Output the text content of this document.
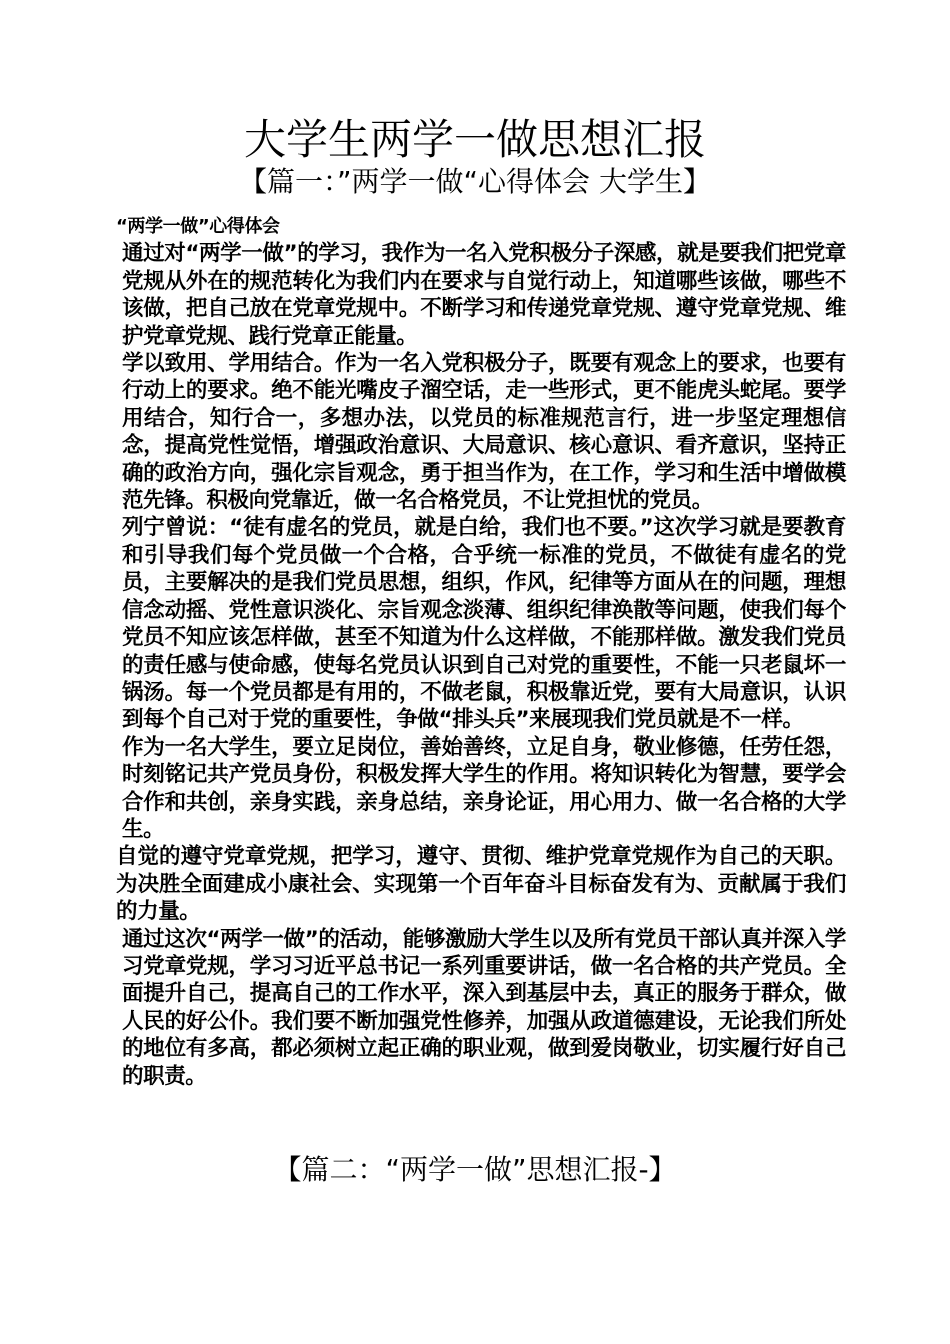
大学生两学一做思想汇报
【篇一：”两学一做“心得体会 大学生】

“两学一做”心得体会

通过对“两学一做”的学习，我作为一名入党积极分子深感，就是要我们把党章党规从外在的规范转化为我们内在要求与自觉行动上，知道哪些该做，哪些不该做，把自己放在党章党规中。不断学习和传递党章党规、遵守党章党规、维护党章党规、践行党章正能量。

学以致用、学用结合。作为一名入党积极分子，既要有观念上的要求，也要有行动上的要求。绝不能光嘴皮子溜空话，走一些形式，更不能虎头蛇尾。要学用结合，知行合一，多想办法，以党员的标准规范言行，进一步坚定理想信念，提高党性觉悟，增强政治意识、大局意识、核心意识、看齐意识，坚持正确的政治方向，强化宗旨观念，勇于担当作为，在工作，学习和生活中增做模范先锋。积极向党靠近，做一名合格党员，不让党担忧的党员。

列宁曾说：“徒有虚名的党员，就是白给，我们也不要。”这次学习就是要教育和引导我们每个党员做一个合格，合乎统一标准的党员，不做徒有虚名的党员，主要解决的是我们党员思想，组织，作风，纪律等方面从在的问题，理想信念动摇、党性意识淡化、宗旨观念淡薄、组织纪律涣散等问题，使我们每个党员不知应该怎样做，甚至不知道为什么这样做，不能那样做。激发我们党员的责任感与使命感，使每名党员认识到自己对党的重要性，不能一只老鼠坏一锅汤。每一个党员都是有用的，不做老鼠，积极靠近党，要有大局意识，认识到每个自己对于党的重要性，争做“排头兵”来展现我们党员就是不一样。

作为一名大学生，要立足岗位，善始善终，立足自身，敬业修德，任劳任怨，时刻铭记共产党员身份，积极发挥大学生的作用。将知识转化为智慧，要学会合作和共创，亲身实践，亲身总结，亲身论证，用心用力、做一名合格的大学生。

自觉的遵守党章党规，把学习，遵守、贯彻、维护党章党规作为自己的天职。为决胜全面建成小康社会、实现第一个百年奋斗目标奋发有为、贡献属于我们的力量。

通过这次“两学一做”的活动，能够激励大学生以及所有党员干部认真并深入学习党章党规，学习习近平总书记一系列重要讲话，做一名合格的共产党员。全面提升自己，提高自己的工作水平，深入到基层中去，真正的服务于群众，做人民的好公仆。我们要不断加强党性修养，加强从政道德建设，无论我们所处的地位有多高，都必须树立起正确的职业观，做到爱岗敬业，切实履行好自己的职责。

【篇二：“两学一做”思想汇报-】
